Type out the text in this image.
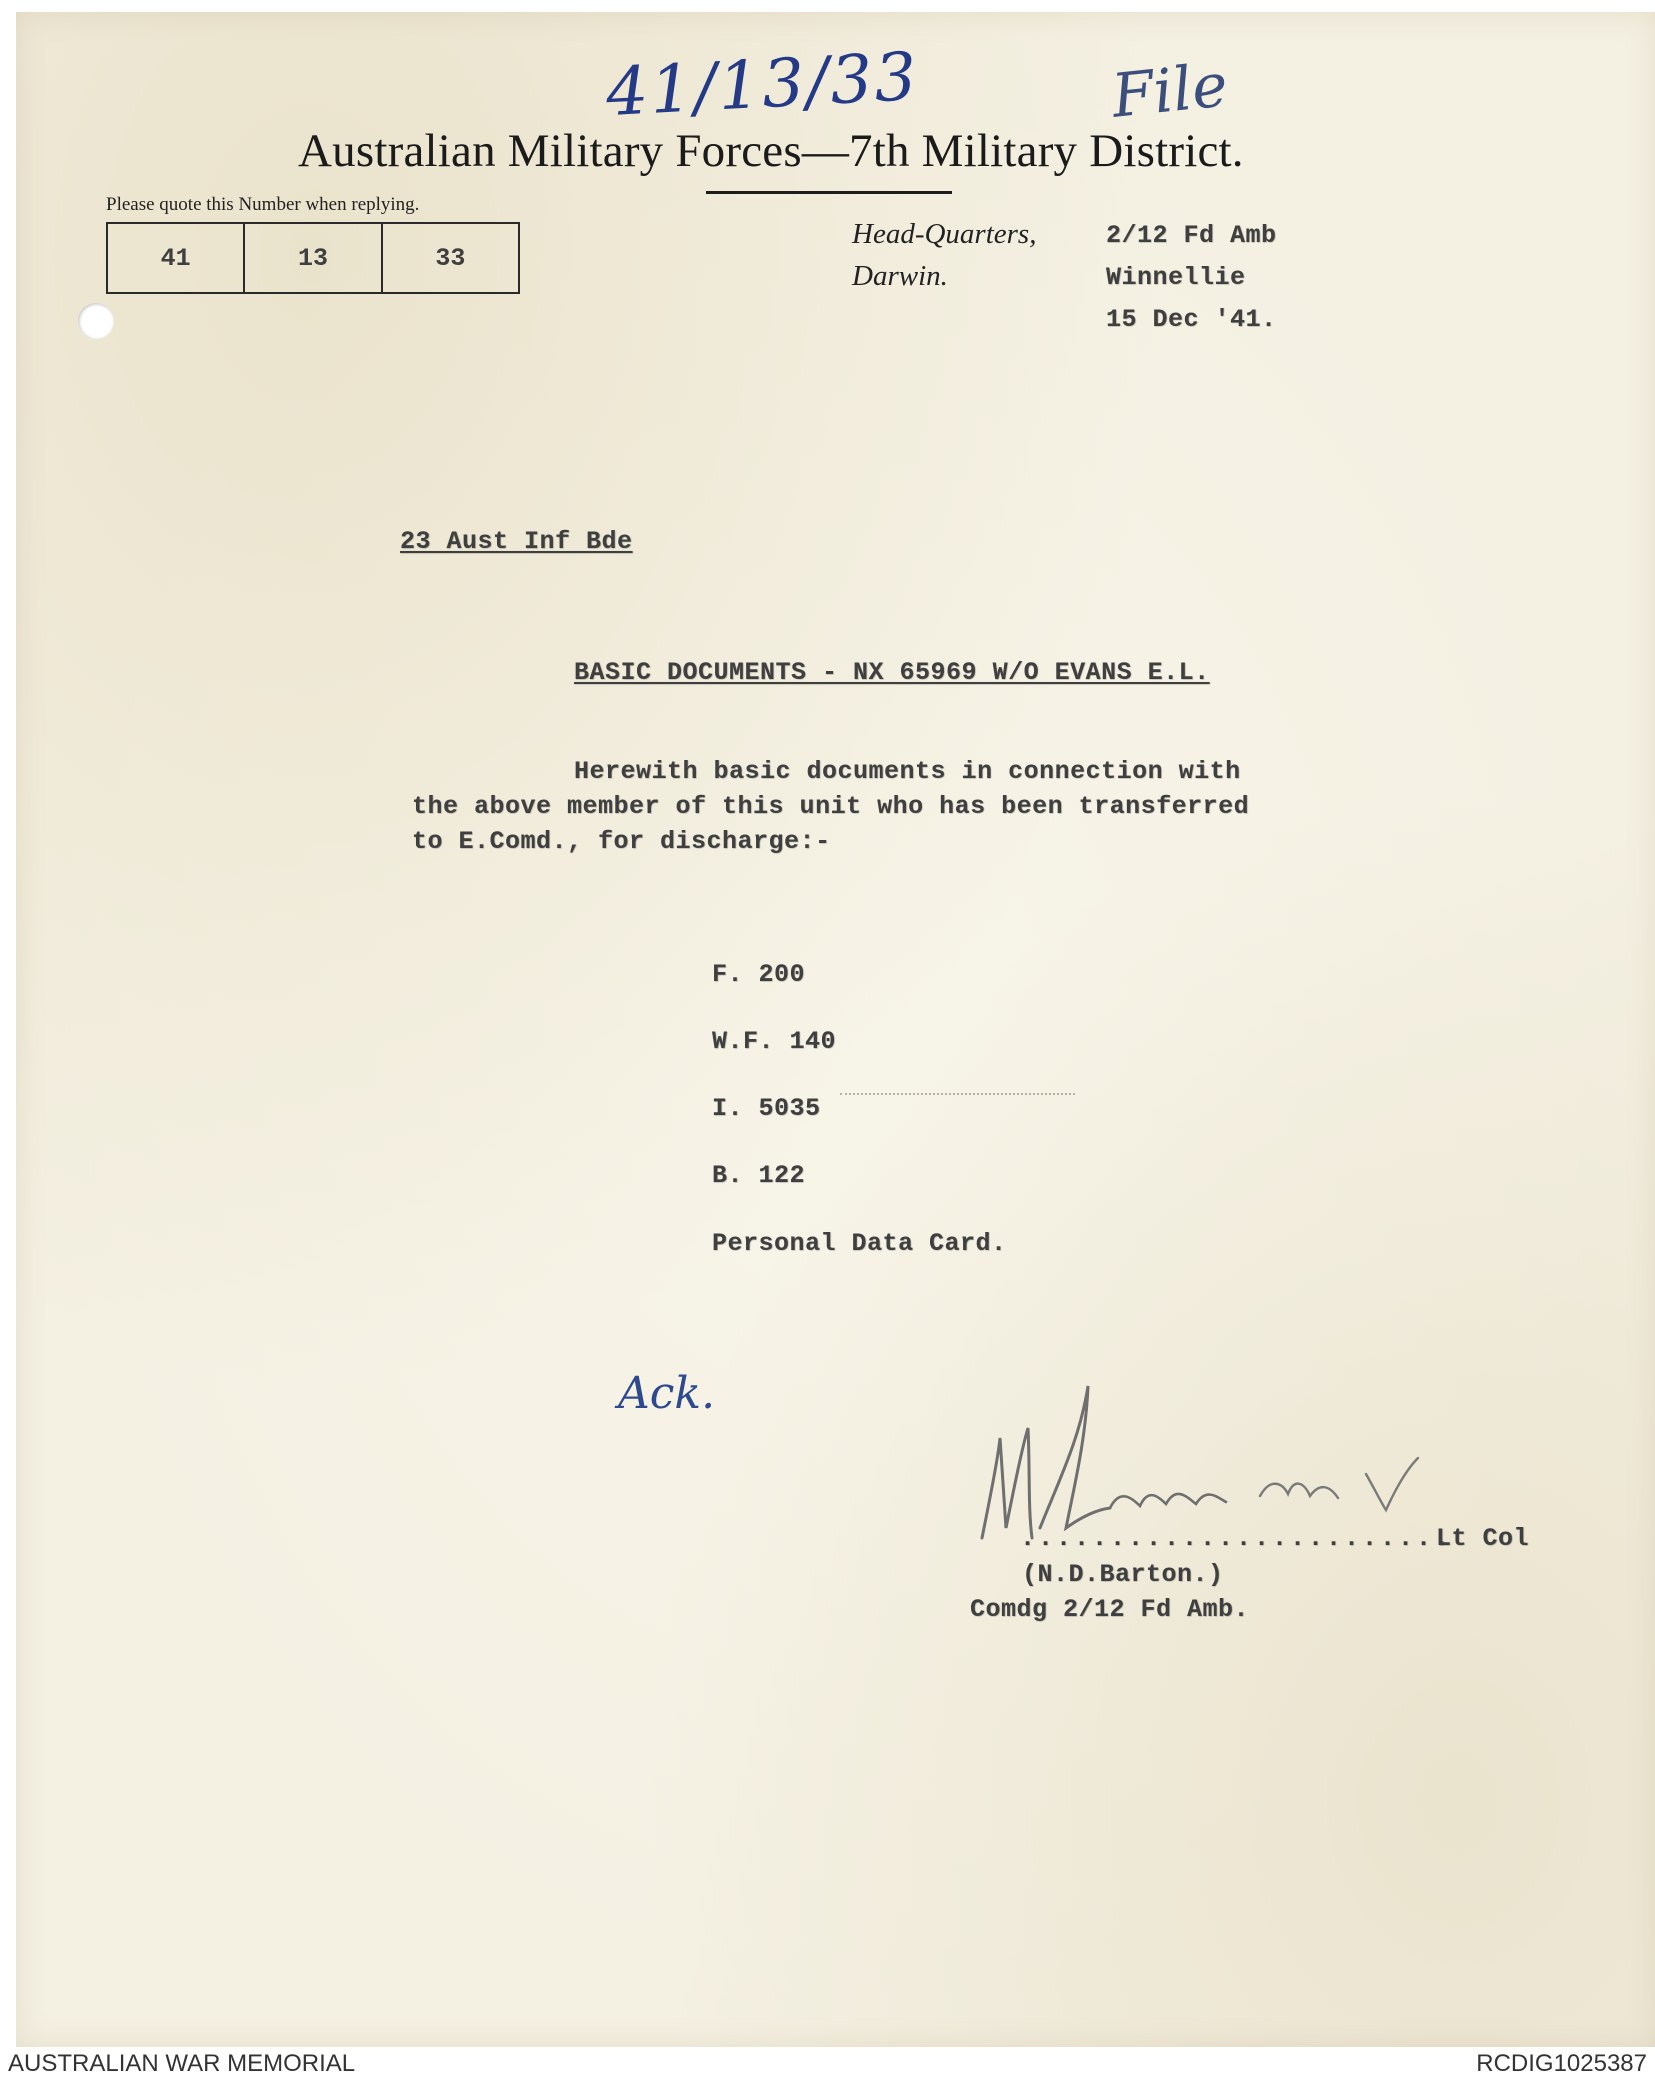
41/13/33	File
Australian Military Forces—7th Military District.
Please quote this Number when replying.
41	13	33
Head-Quarters,
Darwin.
2/12 Fd Amb
Winnellie
15 Dec '41.
23 Aust Inf Bde
BASIC DOCUMENTS - NX 65969 W/O EVANS E.L.
Herewith basic documents in connection with
the above member of this unit who has been transferred
to E.Comd., for discharge:-
F. 200
W.F. 140
I. 5035
B. 122
Personal Data Card.
Ack.
........................
Lt Col
(N.D.Barton.)
Comdg 2/12 Fd Amb.
AUSTRALIAN WAR MEMORIAL	RCDIG1025387
